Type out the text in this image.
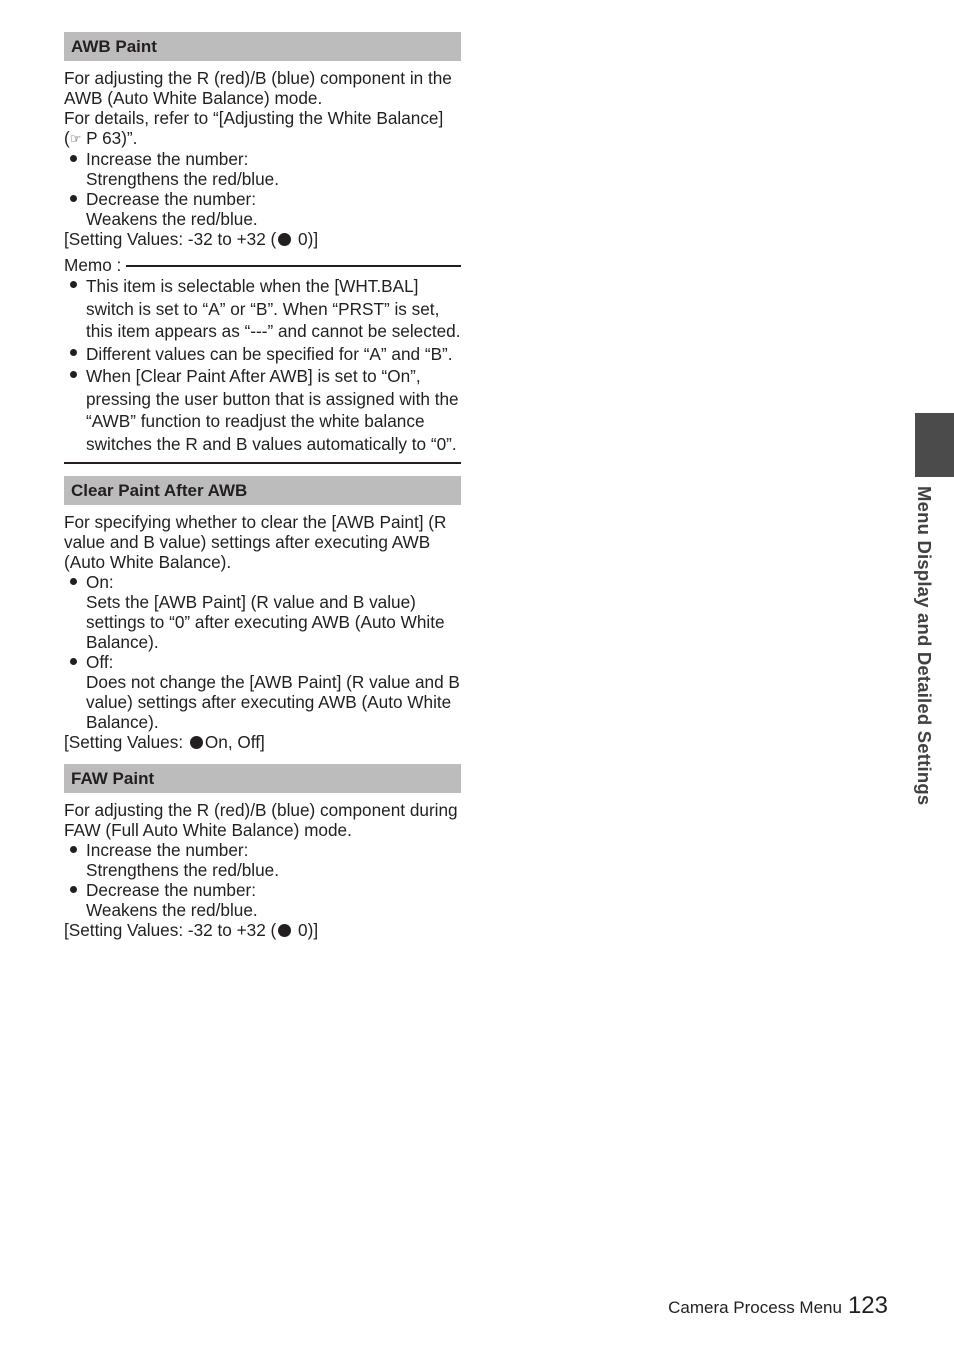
AWB Paint
For adjusting the R (red)/B (blue) component in the AWB (Auto White Balance) mode.
For details, refer to “[Adjusting the White Balance] (☞ P 63)”.
Increase the number:
Strengthens the red/blue.
Decrease the number:
Weakens the red/blue.
[Setting Values: -32 to +32 ( 0)]
Memo :
This item is selectable when the [WHT.BAL] switch is set to “A” or “B”. When “PRST” is set, this item appears as “---” and cannot be selected.
Different values can be specified for “A” and “B”.
When [Clear Paint After AWB] is set to “On”, pressing the user button that is assigned with the “AWB” function to readjust the white balance switches the R and B values automatically to “0”.
Clear Paint After AWB
For specifying whether to clear the [AWB Paint] (R value and B value) settings after executing AWB (Auto White Balance).
On:
Sets the [AWB Paint] (R value and B value) settings to “0” after executing AWB (Auto White Balance).
Off:
Does not change the [AWB Paint] (R value and B value) settings after executing AWB (Auto White Balance).
[Setting Values: On, Off]
FAW Paint
For adjusting the R (red)/B (blue) component during FAW (Full Auto White Balance) mode.
Increase the number:
Strengthens the red/blue.
Decrease the number:
Weakens the red/blue.
[Setting Values: -32 to +32 ( 0)]
Menu Display and Detailed Settings
Camera Process Menu 123
